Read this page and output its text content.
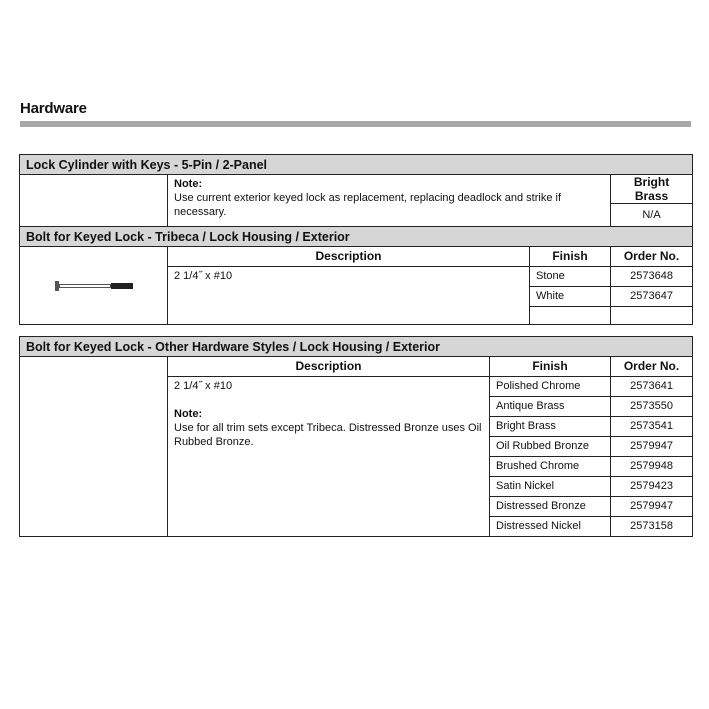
Hardware
Lock Cylinder with Keys - 5-Pin / 2-Panel			

	Note:
Use current exterior keyed lock as replacement, replacing deadlock and strike if necessary.		Bright Brass
			N/A
Bolt for Keyed Lock - Tribeca / Lock Housing / Exterior			

	Description	Finish	Order No.
	2 1/4˝ x #10	Stone	2573648
		White	2573647

Bolt for Keyed Lock - Other Hardware Styles / Lock Housing / Exterior			
	Description	Finish	Order No.

	2 1/4˝ x #10
Note:
Use for all trim sets except Tribeca. Distressed Bronze uses Oil Rubbed Bronze.	Polished Chrome	2573641
		Antique Brass	2573550
		Bright Brass	2573541
		Oil Rubbed Bronze	2579947
		Brushed Chrome	2579948
		Satin Nickel	2579423
		Distressed Bronze	2579947
		Distressed Nickel	2573158
